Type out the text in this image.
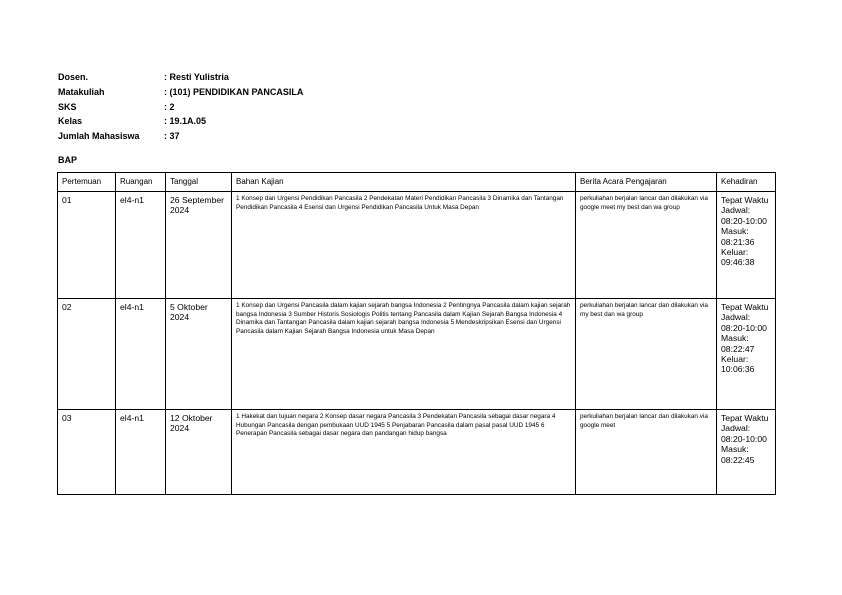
Dosen.	: Resti Yulistria
Matakuliah	: (101) PENDIDIKAN PANCASILA
SKS	: 2
Kelas	: 19.1A.05
Jumlah Mahasiswa	: 37
BAP
Pertemuan	Ruangan	Tanggal	Bahan Kajian	Berita Acara Pengajaran	Kehadiran
01	el4-n1	26 September 2024	1 Konsep dan Urgensi Pendidikan Pancasila 2 Pendekatan Materi Pendidikan Pancasila 3 Dinamika dan Tantangan Pendidikan Pancasila 4 Esensi dan Urgensi Pendidikan Pancasila Untuk Masa Depan	perkuliahan berjalan lancar dan dilakukan via google meet my best dan wa group	Tepat Waktu Jadwal: 08:20-10:00 Masuk: 08:21:36 Keluar: 09:46:38
02	el4-n1	5 Oktober 2024	1 Konsep dan Urgensi Pancasila dalam kajian sejarah bangsa Indonesia 2 Pentingnya Pancasila dalam kajian sejarah bangsa Indonesia 3 Sumber Historis Sosiologis Politis tentang Pancasila dalam Kajian Sejarah Bangsa Indonesia 4 Dinamika dan Tantangan Pancasila dalam kajian sejarah bangsa Indonesia 5 Mendeskripsikan Esensi dan Urgensi Pancasila dalam Kajian Sejarah Bangsa Indonesia untuk Masa Depan	perkuliahan berjalan lancar dan dilakukan via my best dan wa group	Tepat Waktu Jadwal: 08:20-10:00 Masuk: 08:22:47 Keluar: 10:06:36
03	el4-n1	12 Oktober 2024	1 Hakekat dan tujuan negara 2 Konsep dasar negara Pancasila 3 Pendekatan Pancasila sebagai dasar negara 4 Hubungan Pancasila dengan pembukaan UUD 1945 5 Penjabaran Pancasila dalam pasal pasal UUD 1945 6 Penerapan Pancasila sebagai dasar negara dan pandangan hidup bangsa	perkuliahan berjalan lancar dan dilakukan via google meet	Tepat Waktu Jadwal: 08:20-10:00 Masuk: 08:22:45
